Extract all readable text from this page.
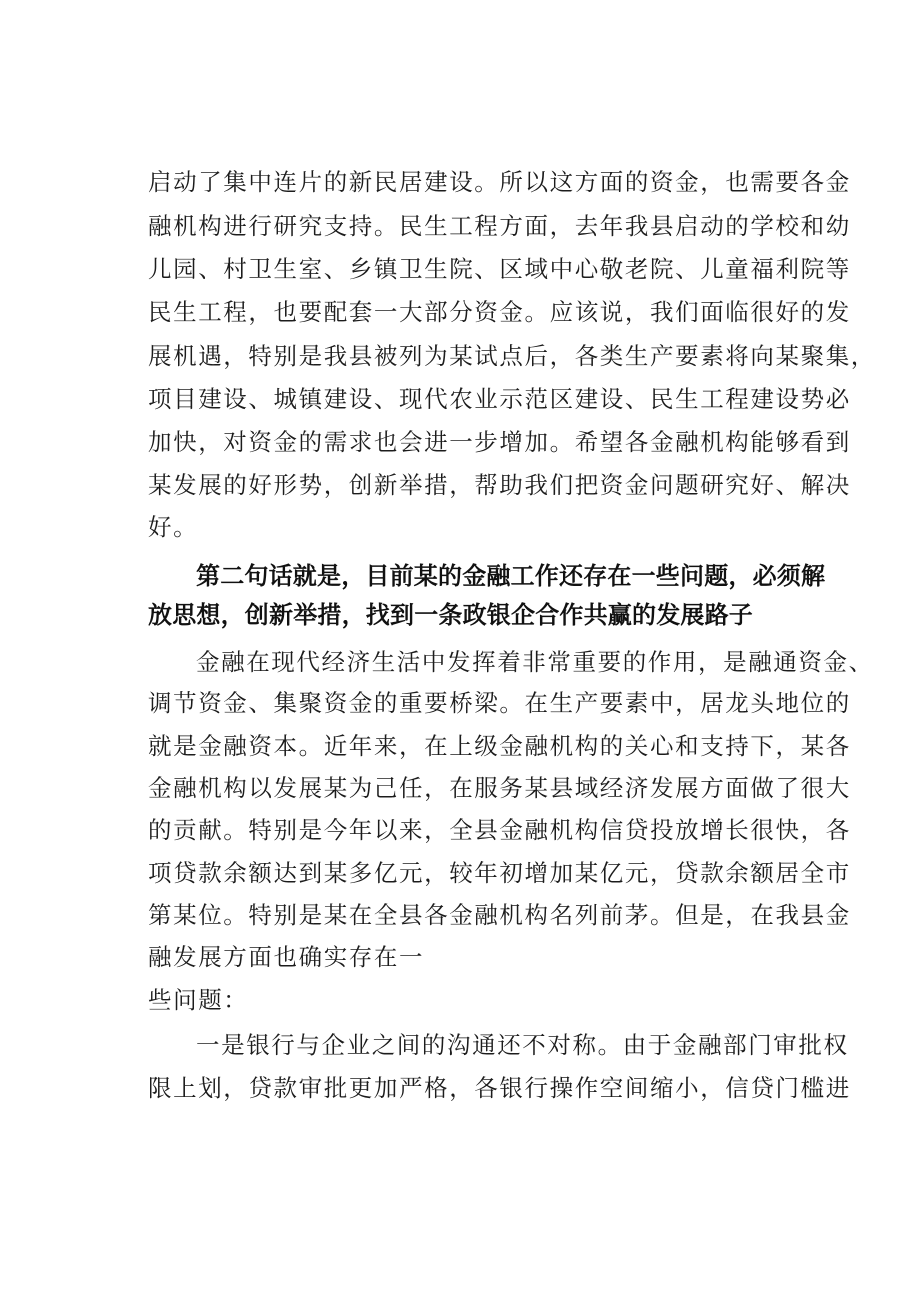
启动了集中连片的新民居建设。所以这方面的资金，也需要各金
融机构进行研究支持。民生工程方面，去年我县启动的学校和幼
儿园、村卫生室、乡镇卫生院、区域中心敬老院、儿童福利院等
民生工程，也要配套一大部分资金。应该说，我们面临很好的发
展机遇，特别是我县被列为某试点后，各类生产要素将向某聚集，
项目建设、城镇建设、现代农业示范区建设、民生工程建设势必
加快，对资金的需求也会进一步增加。希望各金融机构能够看到
某发展的好形势，创新举措，帮助我们把资金问题研究好、解决
好。
第二句话就是，目前某的金融工作还存在一些问题，必须解
放思想，创新举措，找到一条政银企合作共赢的发展路子
金融在现代经济生活中发挥着非常重要的作用，是融通资金、
调节资金、集聚资金的重要桥梁。在生产要素中，居龙头地位的
就是金融资本。近年来，在上级金融机构的关心和支持下，某各
金融机构以发展某为己任，在服务某县域经济发展方面做了很大
的贡献。特别是今年以来，全县金融机构信贷投放增长很快，各
项贷款余额达到某多亿元，较年初增加某亿元，贷款余额居全市
第某位。特别是某在全县各金融机构名列前茅。但是，在我县金
融发展方面也确实存在一
些问题：
一是银行与企业之间的沟通还不对称。由于金融部门审批权
限上划，贷款审批更加严格，各银行操作空间缩小，信贷门槛进
